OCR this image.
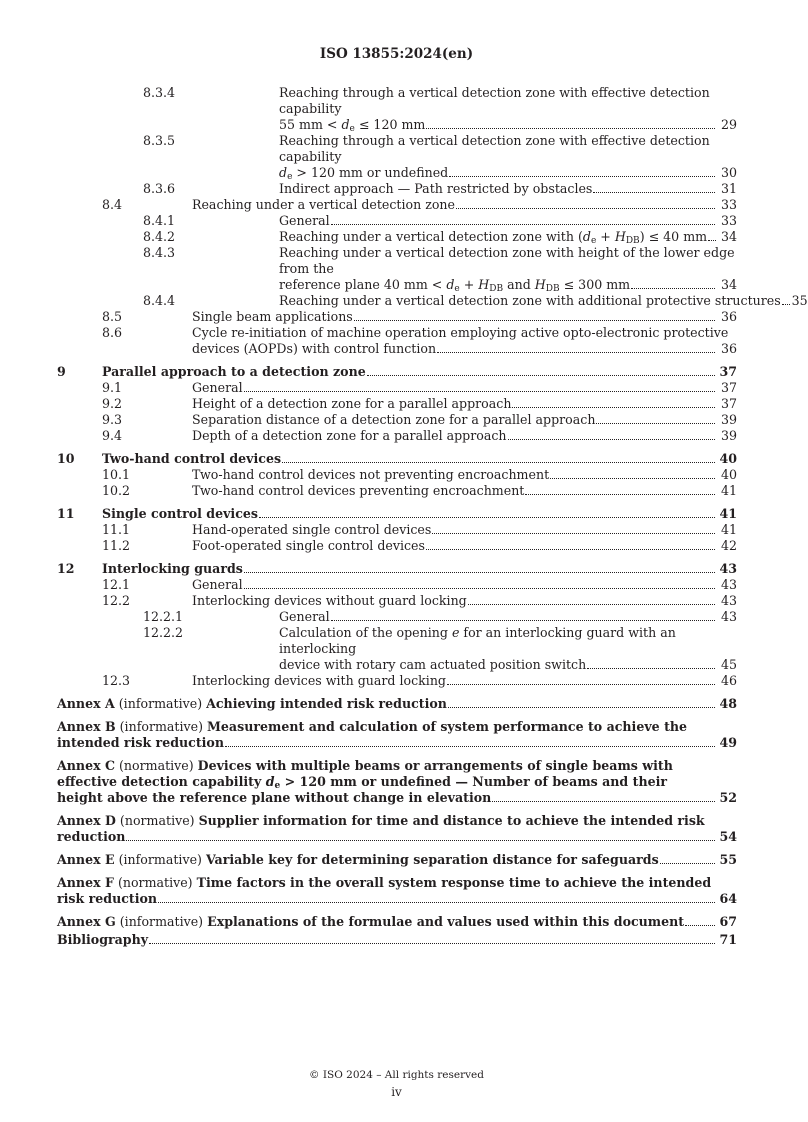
ISO 13855:2024(en)
8.3.4	Reaching through a vertical detection zone with effective detection capability
55 mm < $d_e \le 120$ mm	29
8.3.5	Reaching through a vertical detection zone with effective detection capability
$d_e > 120$ mm or undefined	30
8.3.6	Indirect approach — Path restricted by obstacles	31
8.4	Reaching under a vertical detection zone	33
8.4.1	General	33
8.4.2	Reaching under a vertical detection zone with $(d_e + H_{DB}) \le 40$ mm 34
8.4.3	Reaching under a vertical detection zone with height of the lower edge from the
reference plane 40 mm < $d_e + H_{DB}$ and $H_{DB} \le 300$ mm	34
8.4.4	Reaching under a vertical detection zone with additional protective structures 35
8.5	Single beam applications	36
8.6	Cycle re-initiation of machine operation employing active opto-electronic protective
devices (AOPDs) with control function	36
9	Parallel approach to a detection zone	37
9.1	General	37
9.2	Height of a detection zone for a parallel approach	37
9.3	Separation distance of a detection zone for a parallel approach	39
9.4	Depth of a detection zone for a parallel approach	39
10 Two-hand control devices	40
10.1	Two-hand control devices not preventing encroachment	40
10.2	Two-hand control devices preventing encroachment	41
11 Single control devices	41
11.1	Hand-operated single control devices	41
11.2	Foot-operated single control devices	42
12 Interlocking guards	43
12.1	General	43
12.2	Interlocking devices without guard locking	43
12.2.1	General	43
12.2.2	Calculation of the opening e for an interlocking guard with an interlocking
device with rotary cam actuated position switch	45
12.3	Interlocking devices with guard locking	46
Annex A (informative) Achieving intended risk reduction	48
Annex B (informative) Measurement and calculation of system performance to achieve the
intended risk reduction	49
Annex C (normative) Devices with multiple beams or arrangements of single beams with
effective detection capability $d_e > 120$ mm or undefined — Number of beams and their
height above the reference plane without change in elevation	52
Annex D (normative) Supplier information for time and distance to achieve the intended risk
reduction	54
Annex E (informative) Variable key for determining separation distance for safeguards	55
Annex F (normative) Time factors in the overall system response time to achieve the intended
risk reduction	64
Annex G (informative) Explanations of the formulae and values used within this document	67
Bibliography	71
© ISO 2024 – All rights reserved
iv
